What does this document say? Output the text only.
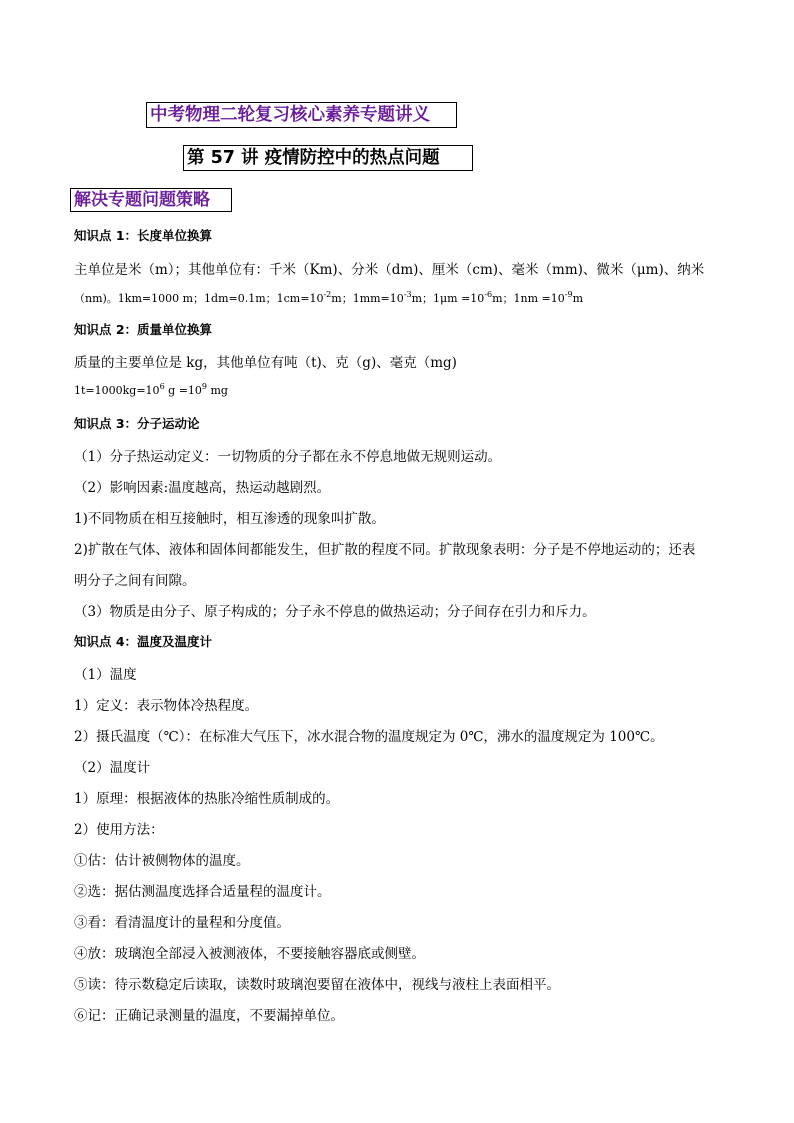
中考物理二轮复习核心素养专题讲义
第 57 讲 疫情防控中的热点问题
解决专题问题策略
知识点 1：长度单位换算
主单位是米（m）；其他单位有：千米（Km)、分米（dm)、厘米（cm)、毫米（mm)、微米（μm)、纳米
（nm)。1km=1000 m；1dm=0.1m；$1cm=10^{-2}m$；$1mm=10^{-3}m$；$1\mu m =10^{-6}m$；$1nm =10^{-9}m$
知识点 2：质量单位换算
质量的主要单位是 kg，其他单位有吨（t)、克（g)、毫克（mg)
$1t=1000kg=10^6$ $g =10^9$ mg
知识点 3：分子运动论
（1）分子热运动定义：一切物质的分子都在永不停息地做无规则运动。
（2）影响因素:温度越高，热运动越剧烈。
1)不同物质在相互接触时，相互渗透的现象叫扩散。
2)扩散在气体、液体和固体间都能发生，但扩散的程度不同。扩散现象表明：分子是不停地运动的；还表
明分子之间有间隙。
（3）物质是由分子、原子构成的；分子永不停息的做热运动；分子间存在引力和斥力。
知识点 4：温度及温度计
（1）温度
1）定义：表示物体冷热程度。
2）摄氏温度（℃）：在标准大气压下，冰水混合物的温度规定为 0℃，沸水的温度规定为 100℃。
（2）温度计
1）原理：根据液体的热胀冷缩性质制成的。
2）使用方法：
①估：估计被侧物体的温度。
②选：据估测温度选择合适量程的温度计。
③看：看清温度计的量程和分度值。
④放：玻璃泡全部浸入被测液体，不要接触容器底或侧壁。
⑤读：待示数稳定后读取，读数时玻璃泡要留在液体中，视线与液柱上表面相平。
⑥记：正确记录测量的温度，不要漏掉单位。
